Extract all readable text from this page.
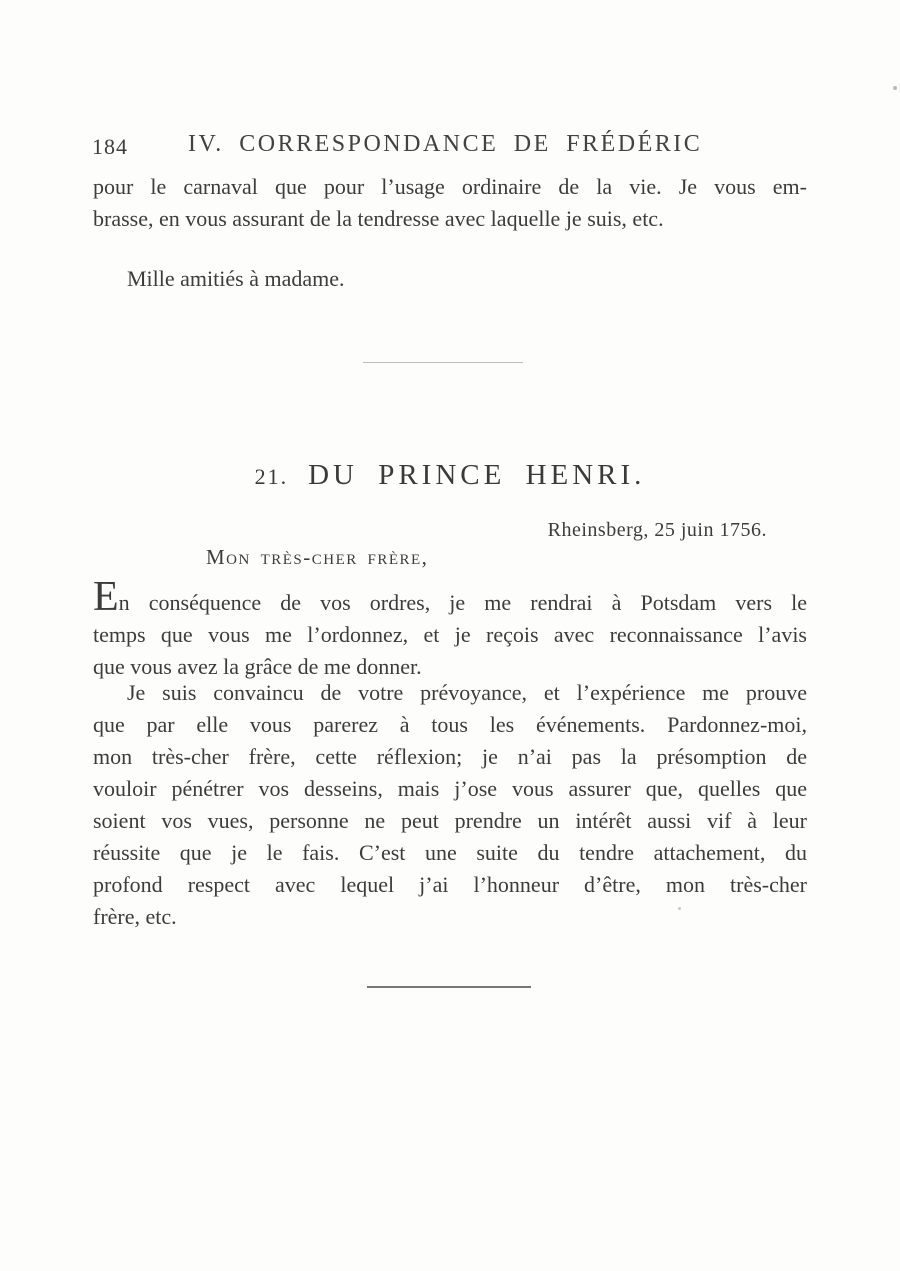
184	IV. CORRESPONDANCE DE FRÉDÉRIC
pour le carnaval que pour l’usage ordinaire de la vie. Je vous em-
brasse, en vous assurant de la tendresse avec laquelle je suis, etc.
Mille amitiés à madame.
21. DU PRINCE HENRI.
Rheinsberg, 25 juin 1756.
Mon très-cher frère,
En conséquence de vos ordres, je me rendrai à Potsdam vers le
temps que vous me l’ordonnez, et je reçois avec reconnaissance l’avis
que vous avez la grâce de me donner.
Je suis convaincu de votre prévoyance, et l’expérience me prouve
que par elle vous parerez à tous les événements. Pardonnez-moi,
mon très-cher frère, cette réflexion; je n’ai pas la présomption de
vouloir pénétrer vos desseins, mais j’ose vous assurer que, quelles que
soient vos vues, personne ne peut prendre un intérêt aussi vif à leur
réussite que je le fais. C’est une suite du tendre attachement, du
profond respect avec lequel j’ai l’honneur d’être, mon très-cher
frère, etc.
